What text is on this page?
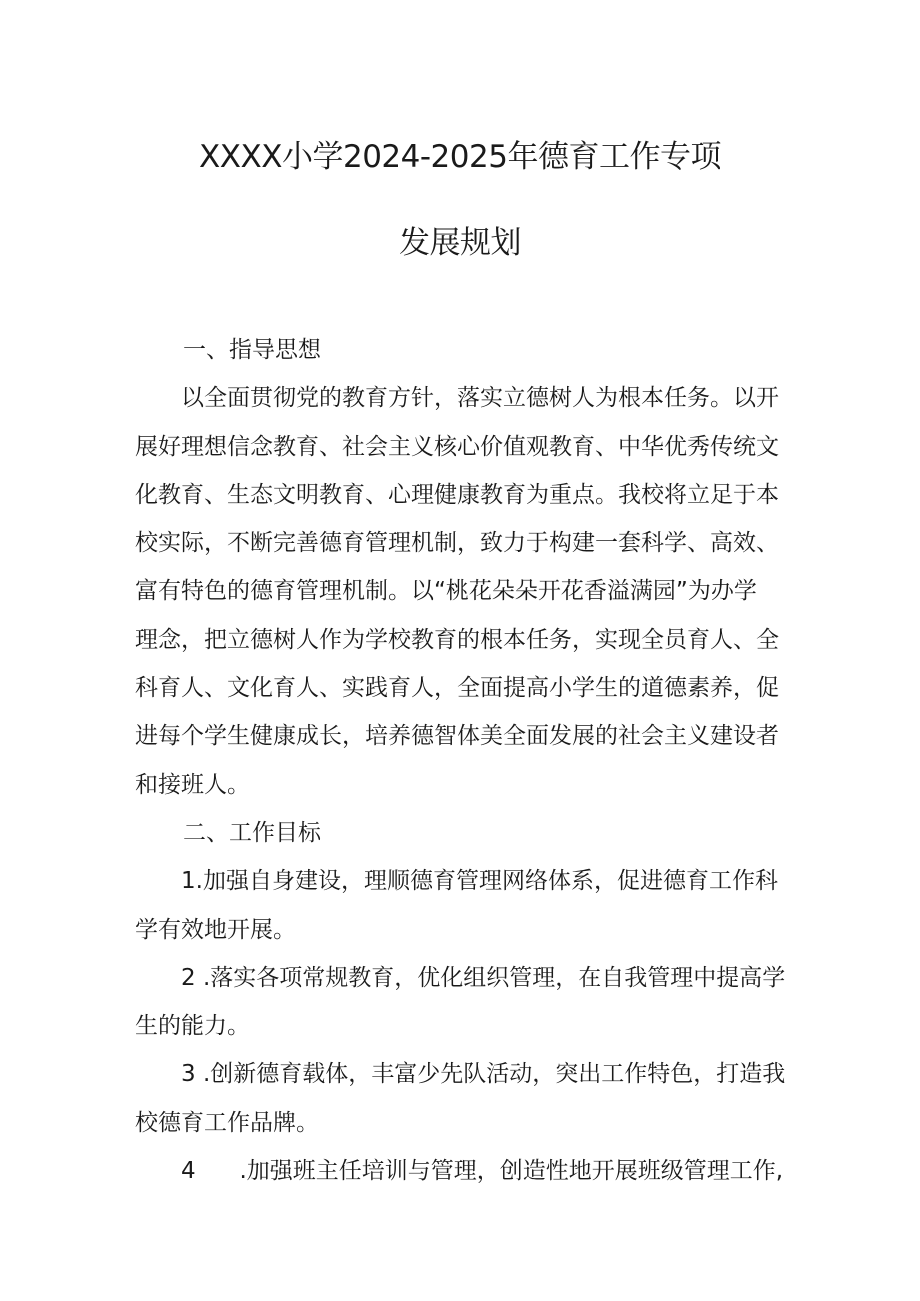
XXXX小学2024-2025年德育工作专项
发展规划
一、指导思想
以全面贯彻党的教育方针，落实立德树人为根本任务。以开
展好理想信念教育、社会主义核心价值观教育、中华优秀传统文
化教育、生态文明教育、心理健康教育为重点。我校将立足于本
校实际，不断完善德育管理机制，致力于构建一套科学、高效、
富有特色的德育管理机制。以“桃花朵朵开花香溢满园”为办学
理念，把立德树人作为学校教育的根本任务，实现全员育人、全
科育人、文化育人、实践育人，全面提高小学生的道德素养，促
进每个学生健康成长，培养德智体美全面发展的社会主义建设者
和接班人。
二、工作目标
1.加强自身建设，理顺德育管理网络体系，促进德育工作科
学有效地开展。
2 .落实各项常规教育，优化组织管理，在自我管理中提高学
生的能力。
3 .创新德育载体，丰富少先队活动，突出工作特色，打造我
校德育工作品牌。
4      .加强班主任培训与管理，创造性地开展班级管理工作,
